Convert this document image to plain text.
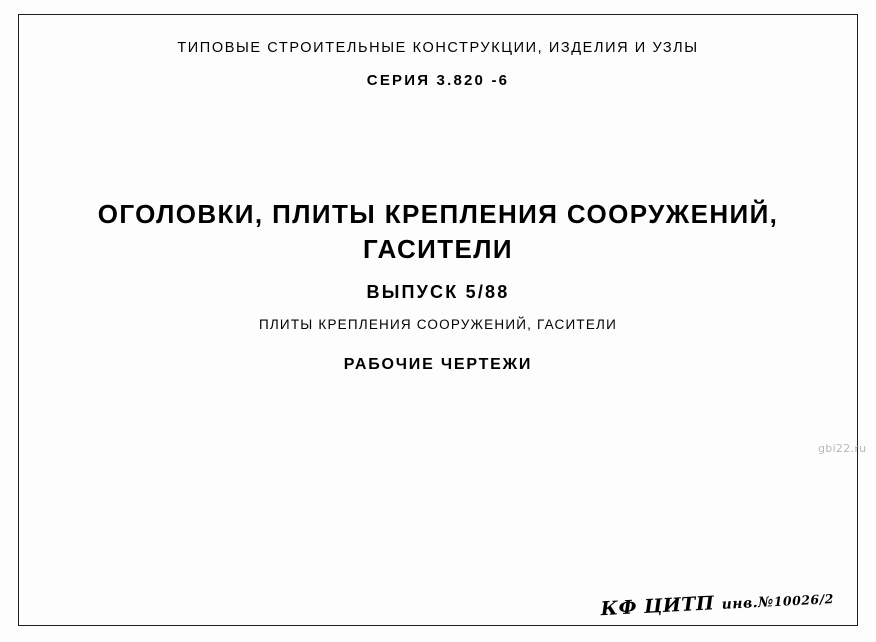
ТИПОВЫЕ СТРОИТЕЛЬНЫЕ КОНСТРУКЦИИ, ИЗДЕЛИЯ И УЗЛЫ
СЕРИЯ 3.820 -6
ОГОЛОВКИ, ПЛИТЫ КРЕПЛЕНИЯ СООРУЖЕНИЙ,
ГАСИТЕЛИ
ВЫПУСК 5/88
ПЛИТЫ КРЕПЛЕНИЯ СООРУЖЕНИЙ, ГАСИТЕЛИ
РАБОЧИЕ ЧЕРТЕЖИ
gbi22.ru
КФ ЦИТП инв.№10026/2
